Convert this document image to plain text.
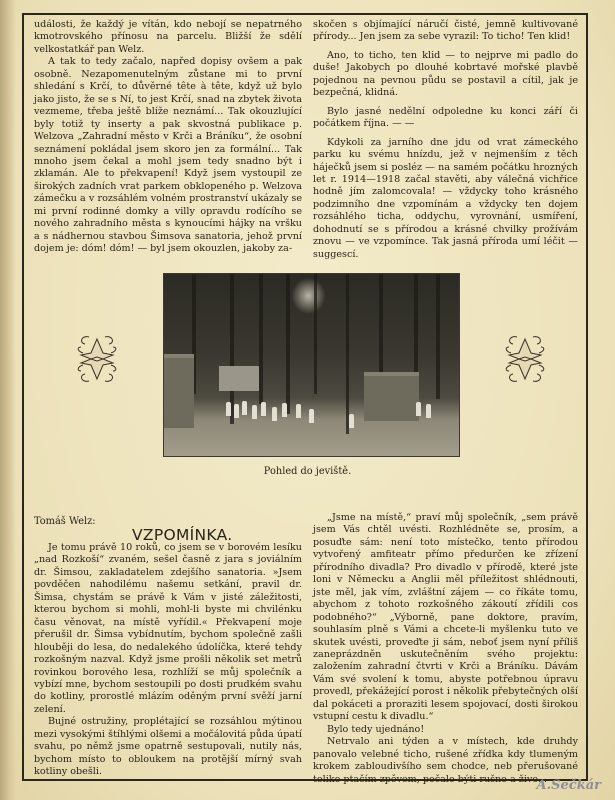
události, že každý je vítán, kdo nebojí se nepatrného kmotrovského přínosu na parcelu. Bližší že sdělí velkostatkář pan Welz.

A tak to tedy začalo, napřed dopisy ovšem a pak osobně. Nezapomenutelným zůstane mi to první shledání s Krčí, to důvěrné tête à tête, když už bylo jako jisto, že se s Ní, to jest Krčí, snad na zbytek života vezmeme, třeba ještě blíže neznámí... Tak okouzlující byly totiž ty inserty a pak skvostná publikace p. Welzova „Zahradní město v Krči a Bráníku“, že osobní seznámení pokládal jsem skoro jen za formální... Tak mnoho jsem čekal a mohl jsem tedy snadno být i zklamán. Ale to překvapení! Když jsem vystoupil ze širokých zadních vrat parkem obklopeného p. Welzova zámečku a v rozsáhlém volném prostranství ukázaly se mi první rodinné domky a villy opravdu rodícího se nového zahradního města s kynoucími hájky na vršku a s nádhernou stavbou Šimsova sanatoria, jehož první dojem je: dóm! dóm! — byl jsem okouzlen, jakoby za-

skočen s objímající náručí čisté, jemně kultivované přírody... Jen jsem za sebe vyrazil: To ticho! Ten klid!

Ano, to ticho, ten klid — to nejprve mi padlo do duše! Jakobych po dlouhé kobrtavé mořské plavbě pojednou na pevnou půdu se postavil a cítil, jak je bezpečná, klidná.

Bylo jasné nedělní odpoledne ku konci září či počátkem října. — —

Kdykoli za jarního dne jdu od vrat zámeckého parku ku svému hnízdu, jež v nejmenším z těch háječků jsem si posléz — na samém počátku hrozných let r. 1914—1918 začal stavěti, aby válečná vichřice hodně jím zalomcovala! — vždycky toho krásného podzimního dne vzpomínám a vždycky ten dojem rozsáhlého ticha, oddychu, vyrovnání, usmíření, dohodnutí se s přírodou a krásné chvilky prožívám znovu — ve vzpomínce. Tak jasná příroda umí léčit — suggescí.

Pohled do jeviště.
Tomáš Welz:
VZPOMÍNKA.

Je tomu právě 10 roků, co jsem se v borovém lesíku „nad Rozkoší“ zvaném, sešel časně z jara s joviálním dr. Šimsou, zakladatelem zdejšího sanatoria. »Jsem povděčen nahodilému našemu setkání, pravil dr. Šimsa, chystám se právě k Vám v jisté záležitosti, kterou bychom si mohli, mohl-li byste mi chvilénku času věnovat, na místě vyřídil.« Překvapení moje přerušil dr. Šimsa vybídnutím, bychom společně zašli hlouběji do lesa, do nedalekého údolíčka, které tehdy rozkošným nazval. Když jsme prošli několik set metrů rovinkou borového lesa, rozhlíží se můj společník a vybízí mne, bychom sestoupili po dosti prudkém svahu do kotliny, prorostlé mlázím oděným první svěží jarní zelení.

Bujné ostružiny, proplétající se rozsáhlou mýtinou mezi vysokými štíhlými olšemi a močálovitá půda úpatí svahu, po němž jsme opatrně sestupovali, nutily nás, bychom místo to obloukem na protější mírný svah kotliny obešli.

„Jsme na místě,“ praví můj společník, „sem právě jsem Vás chtěl uvésti. Rozhlédněte se, prosím, a posuďte sám: není toto místečko, tento přírodou vytvořený amfiteatr přímo předurčen ke zřízení přírodního divadla? Pro divadlo v přírodě, které jste loni v Německu a Anglii měl příležitost shlédnouti, jste měl, jak vím, zvláštní zájem — co říkáte tomu, abychom z tohoto rozkošného zákoutí zřídili cos podobného?“ „Výborně, pane doktore, pravím, souhlasím plně s Vámi a chcete-li myšlenku tuto ve skutek uvésti, proveďte ji sám, neboť jsem nyní příliš zaneprázdněn uskutečněním svého projektu: založením zahradní čtvrti v Krči a Bráníku. Dávám Vám své svolení k tomu, abyste potřebnou úpravu provedl, překážející porost i několik přebytečných olší dal pokáceti a proraziti lesem spojovací, dosti širokou vstupní cestu k divadlu.“

Bylo tedy ujednáno!

Netrvalo ani týden a v místech, kde druhdy panovalo velebné ticho, rušené zřídka kdy tlumeným krokem zabloudivšího sem chodce, neb přerušované toliko ptačím zpěvem, počalo býti rušno a živo...

A.Sečkár
